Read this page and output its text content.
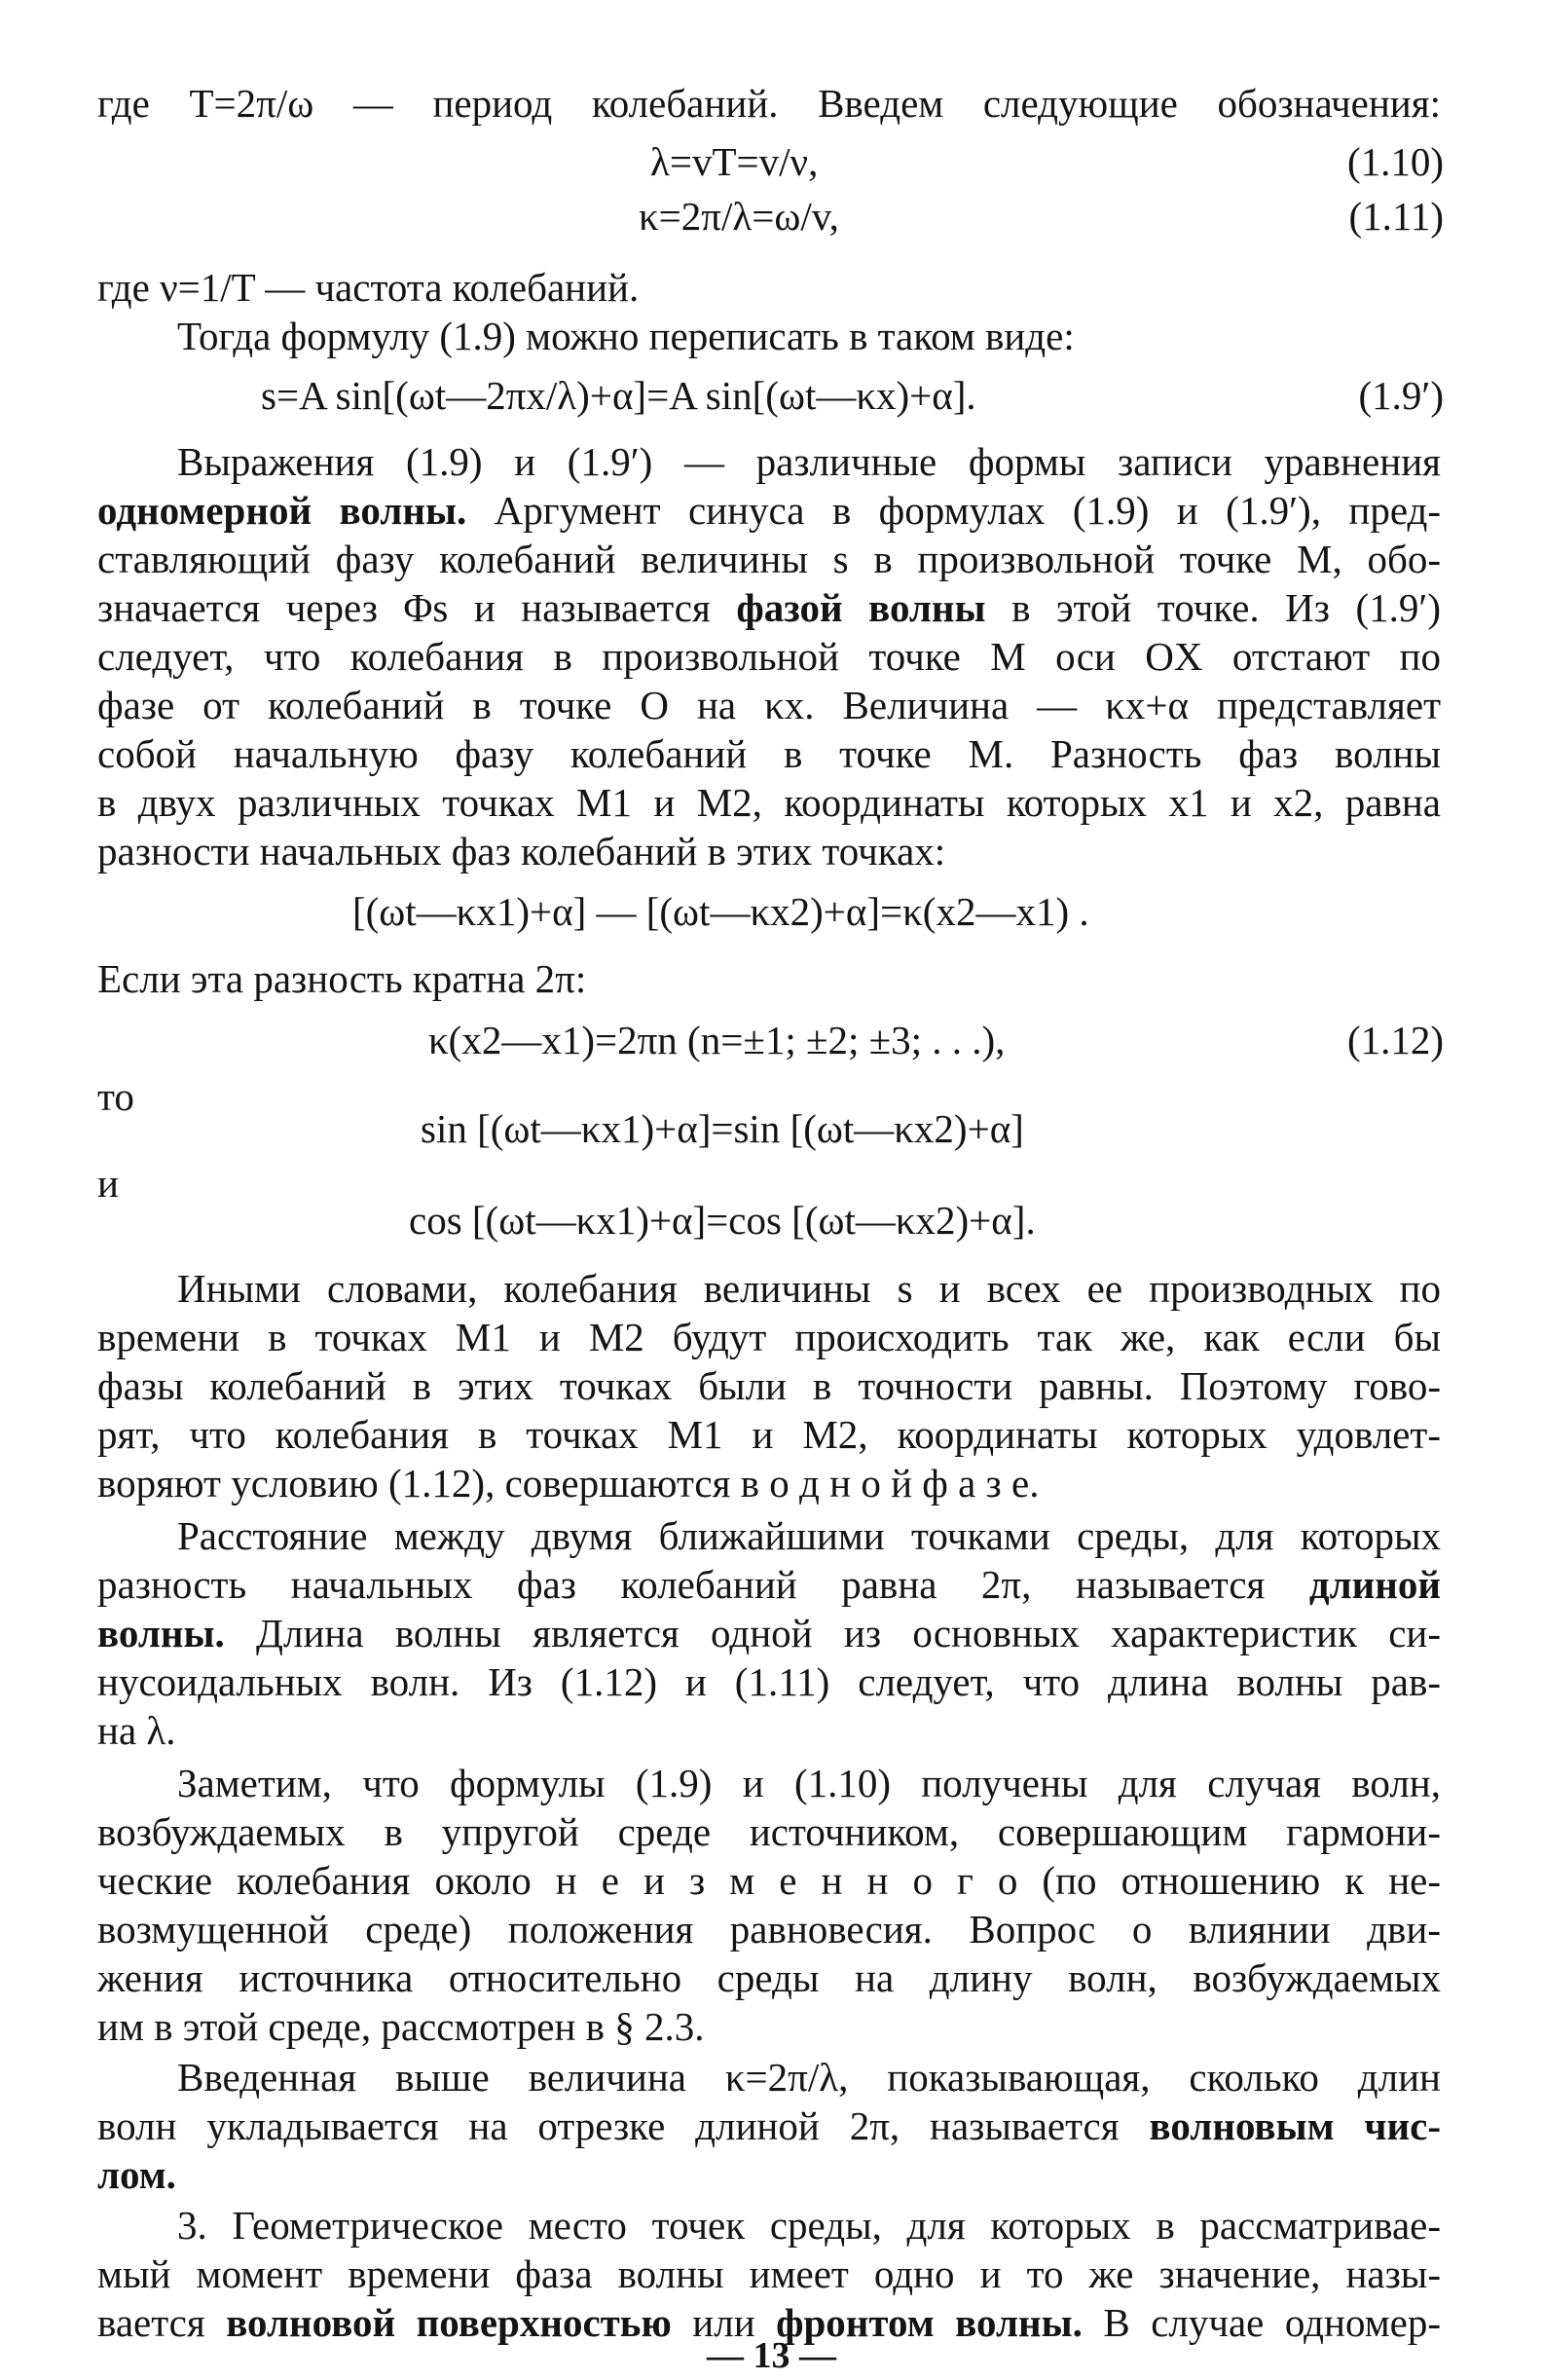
где T=2π/ω — период колебаний. Введем следующие обозначения:

λ=vT=v/ν,	(1.10)

κ=2π/λ=ω/v,	(1.11)

где ν=1/T — частота колебаний.

Тогда формулу (1.9) можно переписать в таком виде:

s=A sin[(ωt—2πx/λ)+α]=A sin[(ωt—κx)+α].	(1.9′)

Выражения (1.9) и (1.9′) — различные формы записи уравнения

одномерной волны. Аргумент синуса в формулах (1.9) и (1.9′), пред-

ставляющий фазу колебаний величины s в произвольной точке M, обо-

значается через Φs и называется фазой волны в этой точке. Из (1.9′)

следует, что колебания в произвольной точке M оси OX отстают по

фазе от колебаний в точке O на κx. Величина — κx+α представляет

собой начальную фазу колебаний в точке M. Разность фаз волны

в двух различных точках M1 и M2, координаты которых x1 и x2, равна

разности начальных фаз колебаний в этих точках:

[(ωt—κx1)+α] — [(ωt—κx2)+α]=κ(x2—x1) .

Если эта разность кратна 2π:

κ(x2—x1)=2πn (n=±1; ±2; ±3; . . .),	(1.12)

то

sin [(ωt—κx1)+α]=sin [(ωt—κx2)+α]

и

cos [(ωt—κx1)+α]=cos [(ωt—κx2)+α].

Иными словами, колебания величины s и всех ее производных по

времени в точках M1 и M2 будут происходить так же, как если бы

фазы колебаний в этих точках были в точности равны. Поэтому гово-

рят, что колебания в точках M1 и M2, координаты которых удовлет-

воряют условию (1.12), совершаются в о д н о й ф а з е.

Расстояние между двумя ближайшими точками среды, для которых

разность начальных фаз колебаний равна 2π, называется длиной

волны. Длина волны является одной из основных характеристик си-

нусоидальных волн. Из (1.12) и (1.11) следует, что длина волны рав-

на λ.

Заметим, что формулы (1.9) и (1.10) получены для случая волн,

возбуждаемых в упругой среде источником, совершающим гармони-

ческие колебания около н е и з м е н н о г о (по отношению к не-

возмущенной среде) положения равновесия. Вопрос о влиянии дви-

жения источника относительно среды на длину волн, возбуждаемых

им в этой среде, рассмотрен в § 2.3.

Введенная выше величина κ=2π/λ, показывающая, сколько длин

волн укладывается на отрезке длиной 2π, называется волновым чис-

лом.

3. Геометрическое место точек среды, для которых в рассматривае-

мый момент времени фаза волны имеет одно и то же значение, назы-

вается волновой поверхностью или фронтом волны. В случае одномер-

— 13 —
